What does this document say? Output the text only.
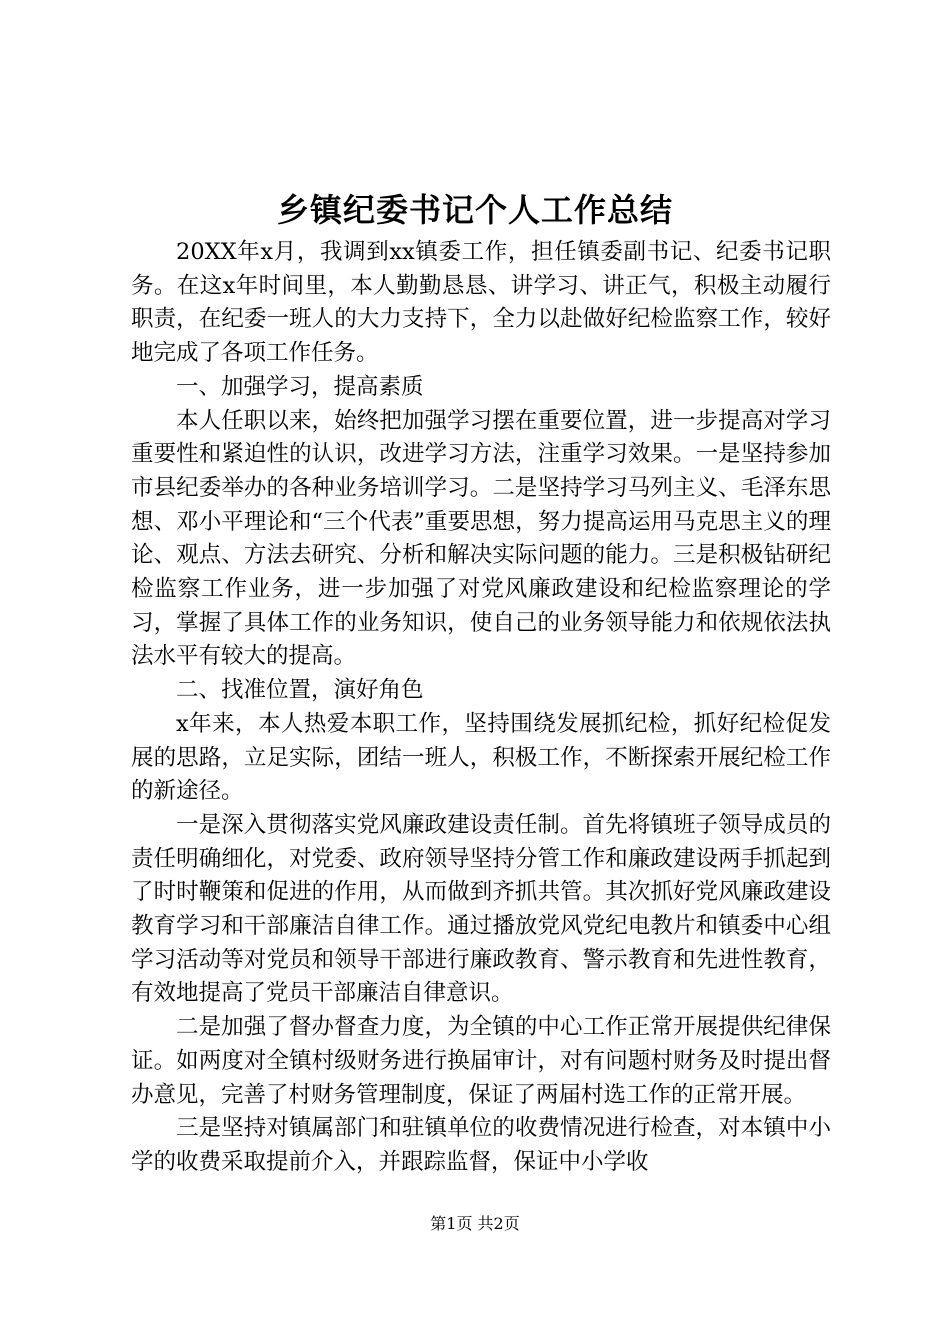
乡镇纪委书记个人工作总结

20XX年x月，我调到xx镇委工作，担任镇委副书记、纪委书记职务。在这x年时间里，本人勤勤恳恳、讲学习、讲正气，积极主动履行职责，在纪委一班人的大力支持下，全力以赴做好纪检监察工作，较好地完成了各项工作任务。

一、加强学习，提高素质

本人任职以来，始终把加强学习摆在重要位置，进一步提高对学习重要性和紧迫性的认识，改进学习方法，注重学习效果。一是坚持参加市县纪委举办的各种业务培训学习。二是坚持学习马列主义、毛泽东思想、邓小平理论和“三个代表”重要思想，努力提高运用马克思主义的理论、观点、方法去研究、分析和解决实际问题的能力。三是积极钻研纪检监察工作业务，进一步加强了对党风廉政建设和纪检监察理论的学习，掌握了具体工作的业务知识，使自己的业务领导能力和依规依法执法水平有较大的提高。

二、找准位置，演好角色

x年来，本人热爱本职工作，坚持围绕发展抓纪检，抓好纪检促发展的思路，立足实际，团结一班人，积极工作，不断探索开展纪检工作的新途径。

一是深入贯彻落实党风廉政建设责任制。首先将镇班子领导成员的责任明确细化，对党委、政府领导坚持分管工作和廉政建设两手抓起到了时时鞭策和促进的作用，从而做到齐抓共管。其次抓好党风廉政建设教育学习和干部廉洁自律工作。通过播放党风党纪电教片和镇委中心组学习活动等对党员和领导干部进行廉政教育、警示教育和先进性教育，有效地提高了党员干部廉洁自律意识。

二是加强了督办督查力度，为全镇的中心工作正常开展提供纪律保证。如两度对全镇村级财务进行换届审计，对有问题村财务及时提出督办意见，完善了村财务管理制度，保证了两届村选工作的正常开展。

三是坚持对镇属部门和驻镇单位的收费情况进行检查，对本镇中小学的收费采取提前介入，并跟踪监督，保证中小学收

第1页 共2页
